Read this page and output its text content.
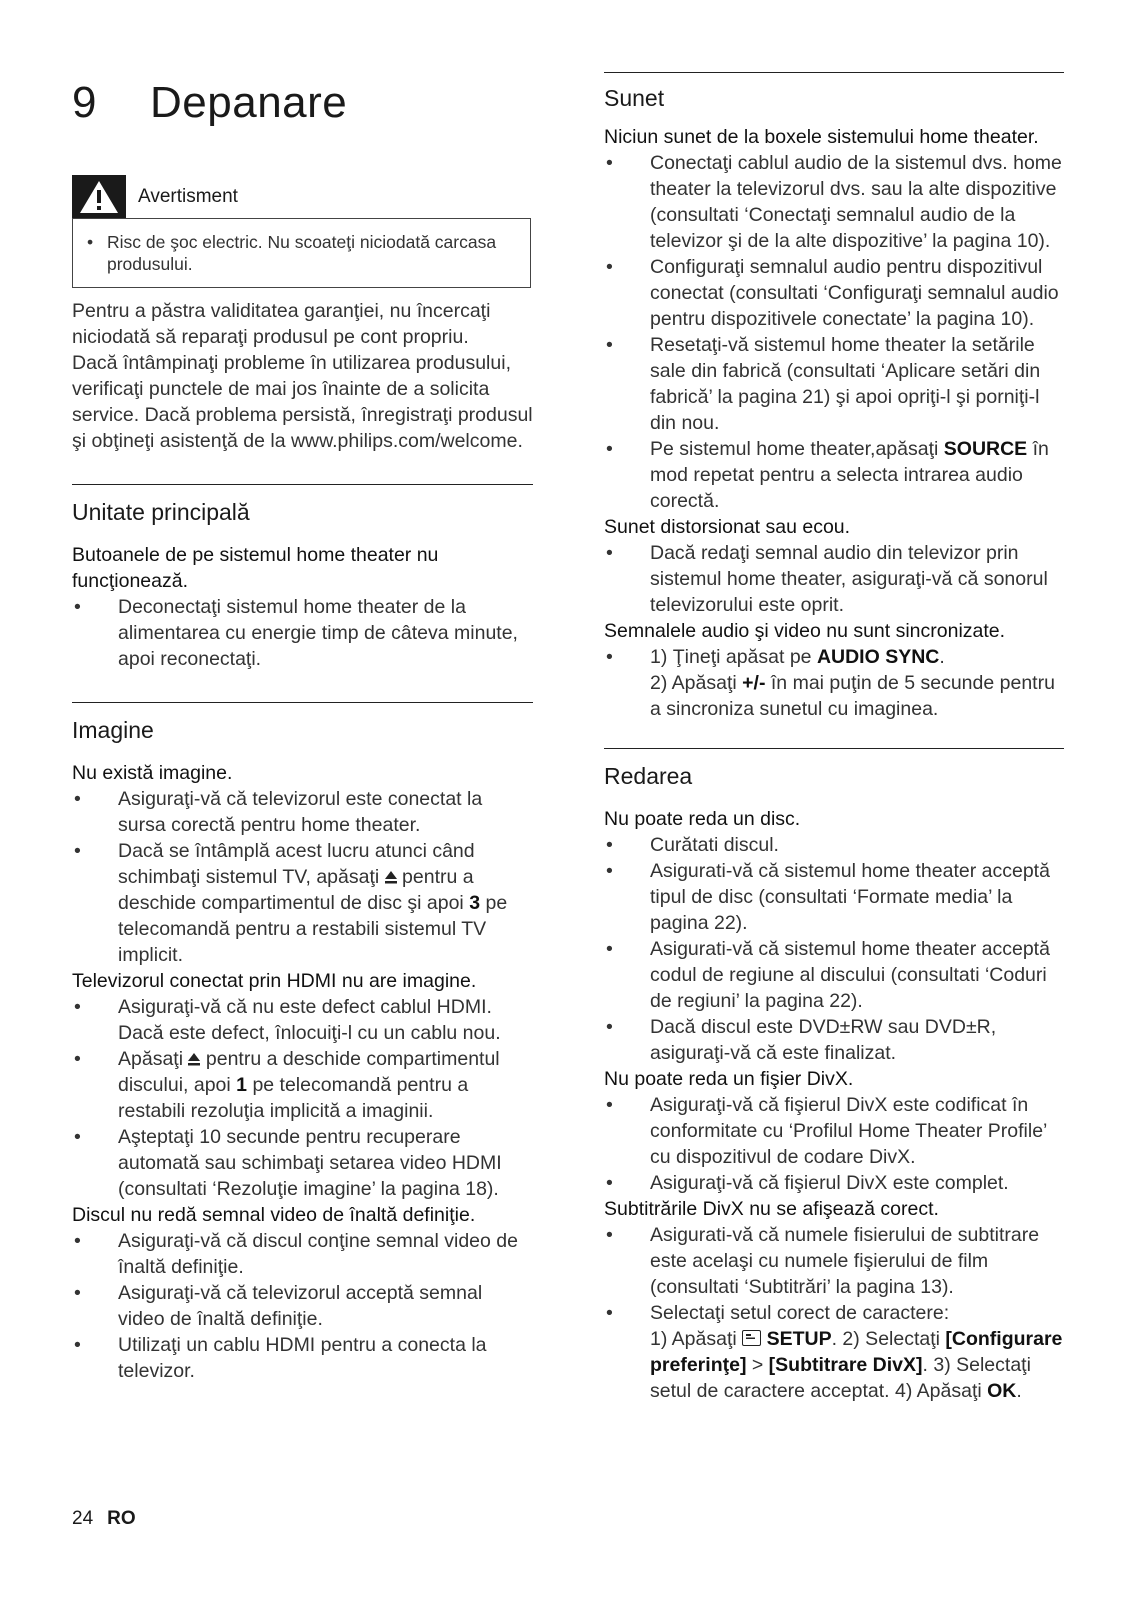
9 Depanare
Avertisment
• Risc de şoc electric. Nu scoateţi niciodată carcasa produsului.

Pentru a păstra validitatea garanţiei, nu încercaţi niciodată să reparaţi produsul pe cont propriu.

Dacă întâmpinaţi probleme în utilizarea produsului, verificaţi punctele de mai jos înainte de a solicita service. Dacă problema persistă, înregistraţi produsul şi obţineţi asistenţă de la www.philips.com/welcome.

Unitate principală

Butoanele de pe sistemul home theater nu funcţionează.

• Deconectaţi sistemul home theater de la alimentarea cu energie timp de câteva minute, apoi reconectaţi.
Imagine

Nu există imagine.

• Asiguraţi-vă că televizorul este conectat la sursa corectă pentru home theater.
• Dacă se întâmplă acest lucru atunci când schimbaţi sistemul TV, apăsaţi pentru a deschide compartimentul de disc şi apoi 3 pe telecomandă pentru a restabili sistemul TV implicit.

Televizorul conectat prin HDMI nu are imagine.

• Asiguraţi-vă că nu este defect cablul HDMI. Dacă este defect, înlocuiţi-l cu un cablu nou.
• Apăsaţi pentru a deschide compartimentul discului, apoi 1 pe telecomandă pentru a restabili rezoluţia implicită a imaginii.
• Aşteptaţi 10 secunde pentru recuperare automată sau schimbaţi setarea video HDMI (consultati ‘Rezoluţie imagine’ la pagina 18).

Discul nu redă semnal video de înaltă definiţie.

• Asiguraţi-vă că discul conţine semnal video de înaltă definiţie.
• Asiguraţi-vă că televizorul acceptă semnal video de înaltă definiţie.
• Utilizaţi un cablu HDMI pentru a conecta la televizor.
Sunet

Niciun sunet de la boxele sistemului home theater.

• Conectaţi cablul audio de la sistemul dvs. home theater la televizorul dvs. sau la alte dispozitive (consultati ‘Conectaţi semnalul audio de la televizor şi de la alte dispozitive’ la pagina 10).
• Configuraţi semnalul audio pentru dispozitivul conectat (consultati ‘Configuraţi semnalul audio pentru dispozitivele conectate’ la pagina 10).
• Resetaţi-vă sistemul home theater la setările sale din fabrică (consultati ‘Aplicare setări din fabrică’ la pagina 21) şi apoi opriţi-l şi porniţi-l din nou.
• Pe sistemul home theater,apăsaţi SOURCE în mod repetat pentru a selecta intrarea audio corectă.

Sunet distorsionat sau ecou.

• Dacă redaţi semnal audio din televizor prin sistemul home theater, asiguraţi-vă că sonorul televizorului este oprit.

Semnalele audio şi video nu sunt sincronizate.

• 1) Ţineţi apăsat pe AUDIO SYNC.
2) Apăsaţi +/- în mai puţin de 5 secunde pentru a sincroniza sunetul cu imaginea.
Redarea

Nu poate reda un disc.

• Curătati discul.
• Asigurati-vă că sistemul home theater acceptă tipul de disc (consultati ‘Formate media’ la pagina 22).
• Asigurati-vă că sistemul home theater acceptă codul de regiune al discului (consultati ‘Coduri de regiuni’ la pagina 22).
• Dacă discul este DVD±RW sau DVD±R, asiguraţi-vă că este finalizat.

Nu poate reda un fişier DivX.

• Asiguraţi-vă că fişierul DivX este codificat în conformitate cu ‘Profilul Home Theater Profile’ cu dispozitivul de codare DivX.
• Asiguraţi-vă că fişierul DivX este complet.

Subtitrările DivX nu se afişează corect.

• Asigurati-vă că numele fisierului de subtitrare este acelaşi cu numele fişierului de film (consultati ‘Subtitrări’ la pagina 13).
• Selectaţi setul corect de caractere:
1) Apăsaţi SETUP. 2) Selectaţi [Configurare preferinţe] > [Subtitrare DivX]. 3) Selectaţi setul de caractere acceptat. 4) Apăsaţi OK.
24 RO
